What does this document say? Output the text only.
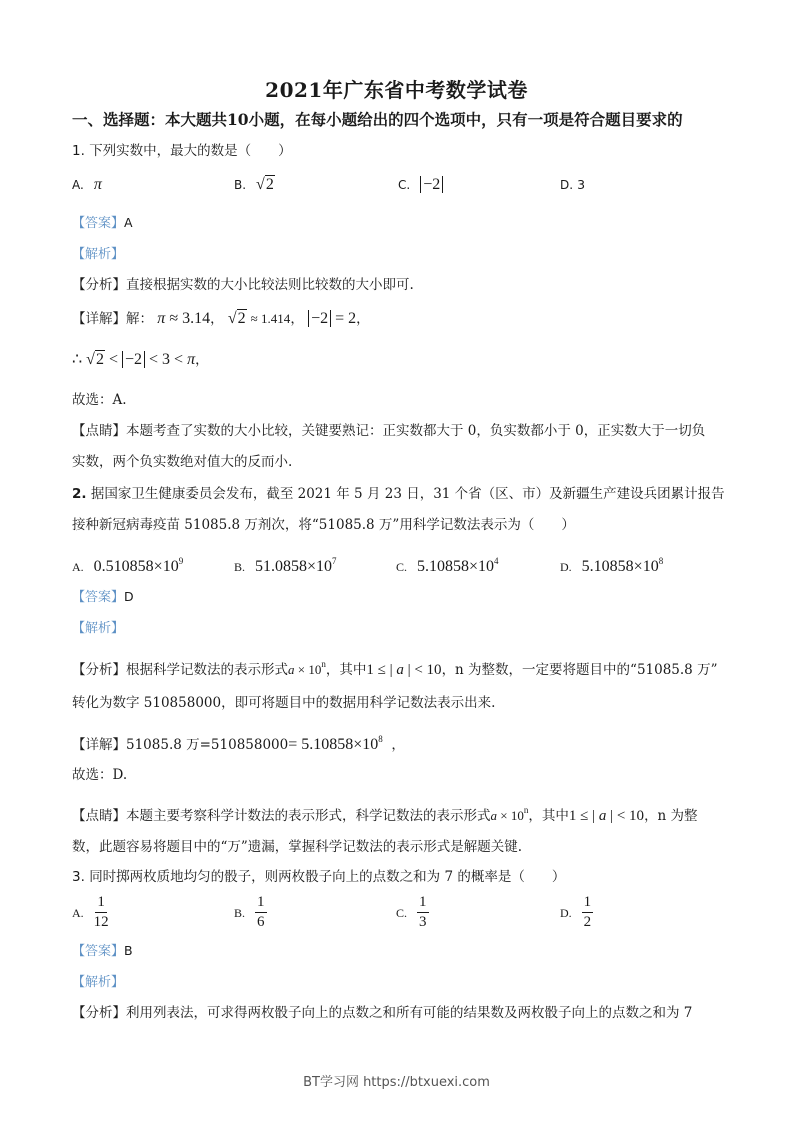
2021年广东省中考数学试卷
一、选择题：本大题共10小题，在每小题给出的四个选项中，只有一项是符合题目要求的
1. 下列实数中，最大的数是（　　）
A. π	B. √2	C. −2	D. 3
【答案】A
【解析】
【分析】直接根据实数的大小比较法则比较数的大小即可.
【详解】解： π ≈ 3.14， √2 ≈ 1.414， −2 = 2，
∴ √2 < −2 < 3 < π，
故选：A.
【点睛】本题考查了实数的大小比较，关键要熟记：正实数都大于 0，负实数都小于 0，正实数大于一切负
实数，两个负实数绝对值大的反而小.
2. 据国家卫生健康委员会发布，截至 2021 年 5 月 23 日，31 个省（区、市）及新疆生产建设兵团累计报告
接种新冠病毒疫苗 51085.8 万剂次，将“51085.8 万”用科学记数法表示为（　　）
A. $0.510858\times 10^9$	B. $51.0858\times 10^7$	C. $5.10858\times 10^4$	D. $5.10858\times 10^8$
【答案】D
【解析】
【分析】根据科学记数法的表示形式$a \times 10^n$，其中1 ≤ | a | < 10，n 为整数，一定要将题目中的“51085.8 万”
转化为数字 510858000，即可将题目中的数据用科学记数法表示出来.
【详解】51085.8 万$=510858000= 5.10858\times 10^8$ ，
故选：D.
【点睛】本题主要考察科学计数法的表示形式，科学记数法的表示形式$a \times 10^n$，其中1 ≤ | a | < 10，n 为整
数，此题容易将题目中的“万”遗漏，掌握科学记数法的表示形式是解题关键.
3. 同时掷两枚质地均匀的骰子，则两枚骰子向上的点数之和为 7 的概率是（　　）
A. $\frac{1}{12}$	B. $\frac{1}{6}$	C. $\frac{1}{3}$	D. $\frac{1}{2}$
【答案】B
【解析】
【分析】利用列表法，可求得两枚骰子向上的点数之和所有可能的结果数及两枚骰子向上的点数之和为 7
BT学习网 https://btxuexi.com
